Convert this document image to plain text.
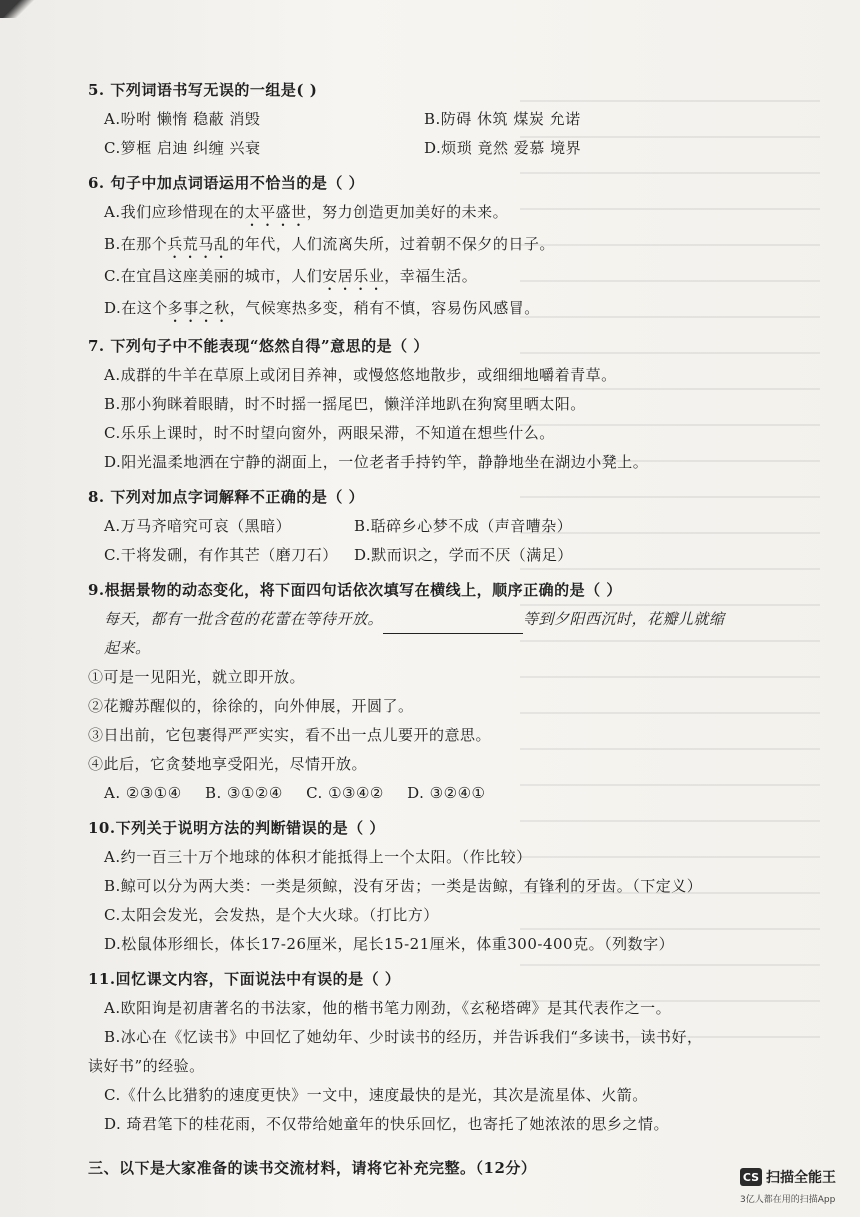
5. 下列词语书写无误的一组是( )
A.吩咐 懒惰 稳蔽 消毁	B.防碍 休筑 煤炭 允诺
C.箩框 启迪 纠缠 兴衰	D.烦琐 竟然 爱慕 境界
6. 句子中加点词语运用不恰当的是（ ）
A.我们应珍惜现在的太平盛世，努力创造更加美好的未来。
B.在那个兵荒马乱的年代，人们流离失所，过着朝不保夕的日子。
C.在宜昌这座美丽的城市，人们安居乐业，幸福生活。
D.在这个多事之秋，气候寒热多变，稍有不慎，容易伤风感冒。
7. 下列句子中不能表现“悠然自得”意思的是（ ）
A.成群的牛羊在草原上或闭目养神，或慢悠悠地散步，或细细地嚼着青草。
B.那小狗眯着眼睛，时不时摇一摇尾巴，懒洋洋地趴在狗窝里晒太阳。
C.乐乐上课时，时不时望向窗外，两眼呆滞，不知道在想些什么。
D.阳光温柔地洒在宁静的湖面上，一位老者手持钓竿，静静地坐在湖边小凳上。
8. 下列对加点字词解释不正确的是（ ）
A.万马齐喑究可哀（黑暗）	B.聒碎乡心梦不成（声音嘈杂）
C.干将发硎，有作其芒（磨刀石）	D.默而识之，学而不厌（满足）
9.根据景物的动态变化，将下面四句话依次填写在横线上，顺序正确的是（ ）
每天，都有一批含苞的花蕾在等待开放。	等到夕阳西沉时，花瓣儿就缩起来。
①可是一见阳光，就立即开放。
②花瓣苏醒似的，徐徐的，向外伸展，开圆了。
③日出前，它包裹得严严实实，看不出一点儿要开的意思。
④此后，它贪婪地享受阳光，尽情开放。
A. ②③①④ B. ③①②④ C. ①③④② D. ③②④①
10.下列关于说明方法的判断错误的是（ ）
A.约一百三十万个地球的体积才能抵得上一个太阳。（作比较）
B.鲸可以分为两大类：一类是须鲸，没有牙齿；一类是齿鲸，有锋利的牙齿。（下定义）
C.太阳会发光，会发热，是个大火球。（打比方）
D.松鼠体形细长，体长17-26厘米，尾长15-21厘米，体重300-400克。（列数字）
11.回忆课文内容，下面说法中有误的是（ ）
A.欧阳询是初唐著名的书法家，他的楷书笔力刚劲，《玄秘塔碑》是其代表作之一。
B.冰心在《忆读书》中回忆了她幼年、少时读书的经历，并告诉我们“多读书，读书好，
读好书”的经验。
C.《什么比猎豹的速度更快》一文中，速度最快的是光，其次是流星体、火箭。
D. 琦君笔下的桂花雨，不仅带给她童年的快乐回忆，也寄托了她浓浓的思乡之情。
三、以下是大家准备的读书交流材料，请将它补充完整。（12分）	CS 扫描全能王
3亿人都在用的扫描App
